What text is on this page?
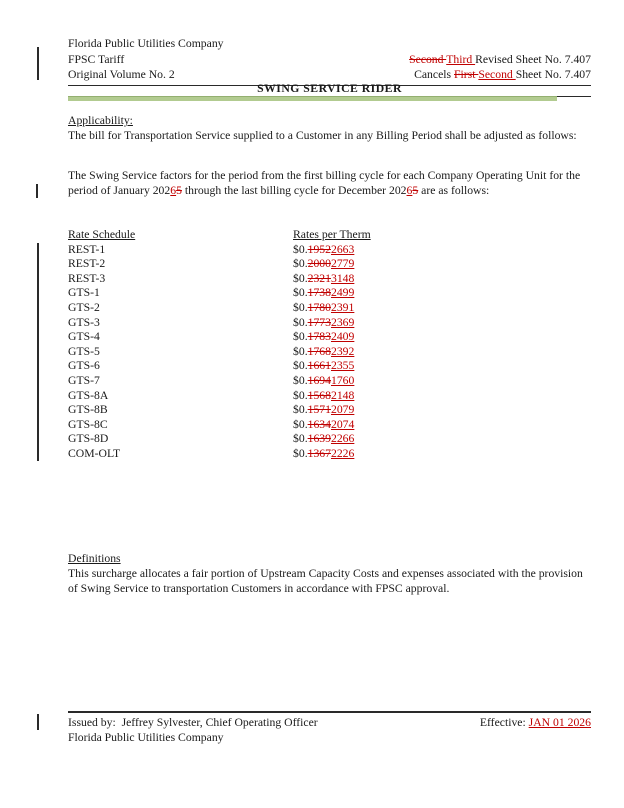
Florida Public Utilities Company
FPSC Tariff	Second Third Revised Sheet No. 7.407
Original Volume No. 2	Cancels First Second Sheet No. 7.407
SWING SERVICE RIDER
Applicability:
The bill for Transportation Service supplied to a Customer in any Billing Period shall be adjusted as follows:
The Swing Service factors for the period from the first billing cycle for each Company Operating Unit for the period of January 20265 through the last billing cycle for December 20265 are as follows:
Rate Schedule	Rates per Therm
REST-1	$0.19522663
REST-2	$0.20002779
REST-3	$0.23213148
GTS-1	$0.17382499
GTS-2	$0.17802391
GTS-3	$0.17732369
GTS-4	$0.17832409
GTS-5	$0.17682392
GTS-6	$0.16612355
GTS-7	$0.16941760
GTS-8A	$0.15682148
GTS-8B	$0.15712079
GTS-8C	$0.16342074
GTS-8D	$0.16392266
COM-OLT	$0.13672226
Definitions
This surcharge allocates a fair portion of Upstream Capacity Costs and expenses associated with the provision of Swing Service to transportation Customers in accordance with FPSC approval.
Issued by:  Jeffrey Sylvester, Chief Operating Officer	Effective: JAN 01 2026
Florida Public Utilities Company
